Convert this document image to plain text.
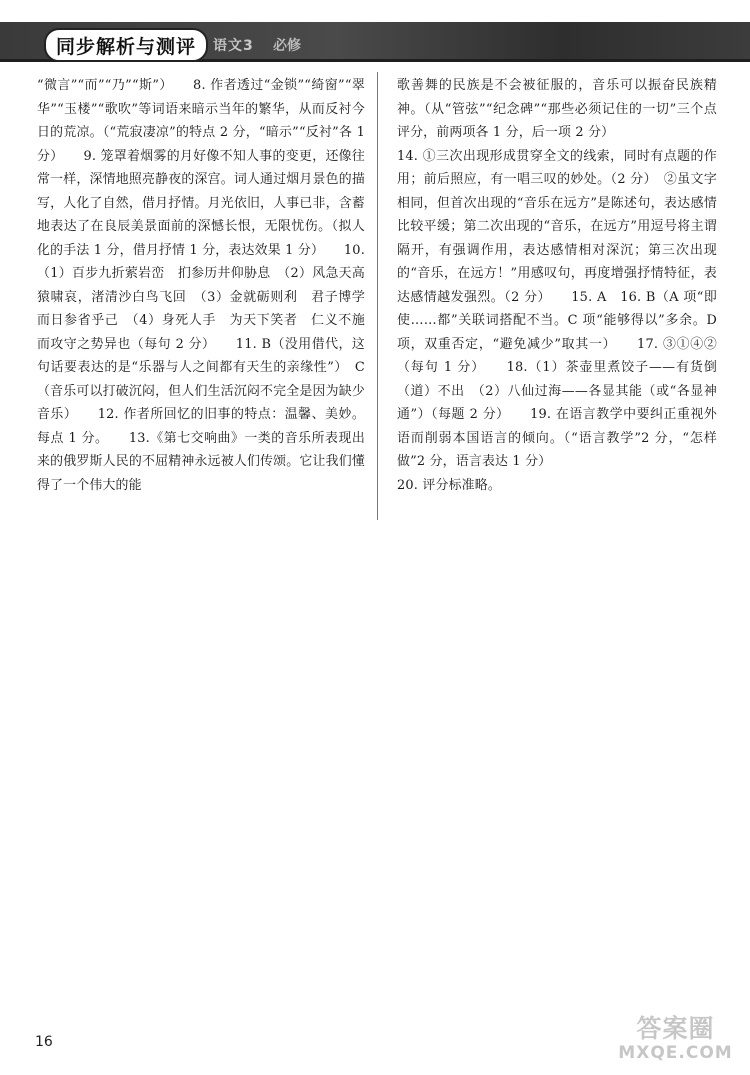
同步解析与测评	语文3 必修

“微言”“而”“乃”“斯”）　　8. 作者透过“金锁”“绮窗”“翠华”“玉楼”“歌吹”等词语来暗示当年的繁华，从而反衬今日的荒凉。（“荒寂凄凉”的特点 2 分，“暗示”“反衬”各 1 分）　　9. 笼罩着烟雾的月好像不知人事的变更，还像往常一样，深情地照亮静夜的深宫。词人通过烟月景色的描写，人化了自然，借月抒情。月光依旧，人事已非，含蓄地表达了在良辰美景面前的深憾长恨，无限忧伤。（拟人化的手法 1 分，借月抒情 1 分，表达效果 1 分）　　10.（1）百步九折萦岩峦　扪参历井仰胁息　（2）风急天高猿啸哀，渚清沙白鸟飞回　（3）金就砺则利　君子博学而日参省乎己　（4）身死人手　为天下笑者　仁义不施而攻守之势异也（每句 2 分）　　11. B（没用借代，这句话要表达的是“乐器与人之间都有天生的亲缘性”）　C（音乐可以打破沉闷，但人们生活沉闷不完全是因为缺少音乐）　　12. 作者所回忆的旧事的特点：温馨、美妙。每点 1 分。　　13.《第七交响曲》一类的音乐所表现出来的俄罗斯人民的不屈精神永远被人们传颂。它让我们懂得了一个伟大的能

歌善舞的民族是不会被征服的，音乐可以振奋民族精神。（从“管弦”“纪念碑”“那些必须记住的一切”三个点评分，前两项各 1 分，后一项 2 分）

14. ①三次出现形成贯穿全文的线索，同时有点题的作用；前后照应，有一唱三叹的妙处。（2 分）　②虽文字相同，但首次出现的“音乐在远方”是陈述句，表达感情比较平缓；第二次出现的“音乐，在远方”用逗号将主谓隔开，有强调作用，表达感情相对深沉；第三次出现的“音乐，在远方！”用感叹句，再度增强抒情特征，表达感情越发强烈。（2 分）　　15. A　16. B（A 项“即使……都”关联词搭配不当。C 项“能够得以”多余。D 项，双重否定，“避免减少”取其一）　　17. ③①④②（每句 1 分）　　18.（1）茶壶里煮饺子——有货倒（道）不出　（2）八仙过海——各显其能（或“各显神通”）（每题 2 分）　　19. 在语言教学中要纠正重视外语而削弱本国语言的倾向。（“语言教学”2 分，“怎样做”2 分，语言表达 1 分）

20. 评分标准略。

16	答案圈
MXQE.COM
